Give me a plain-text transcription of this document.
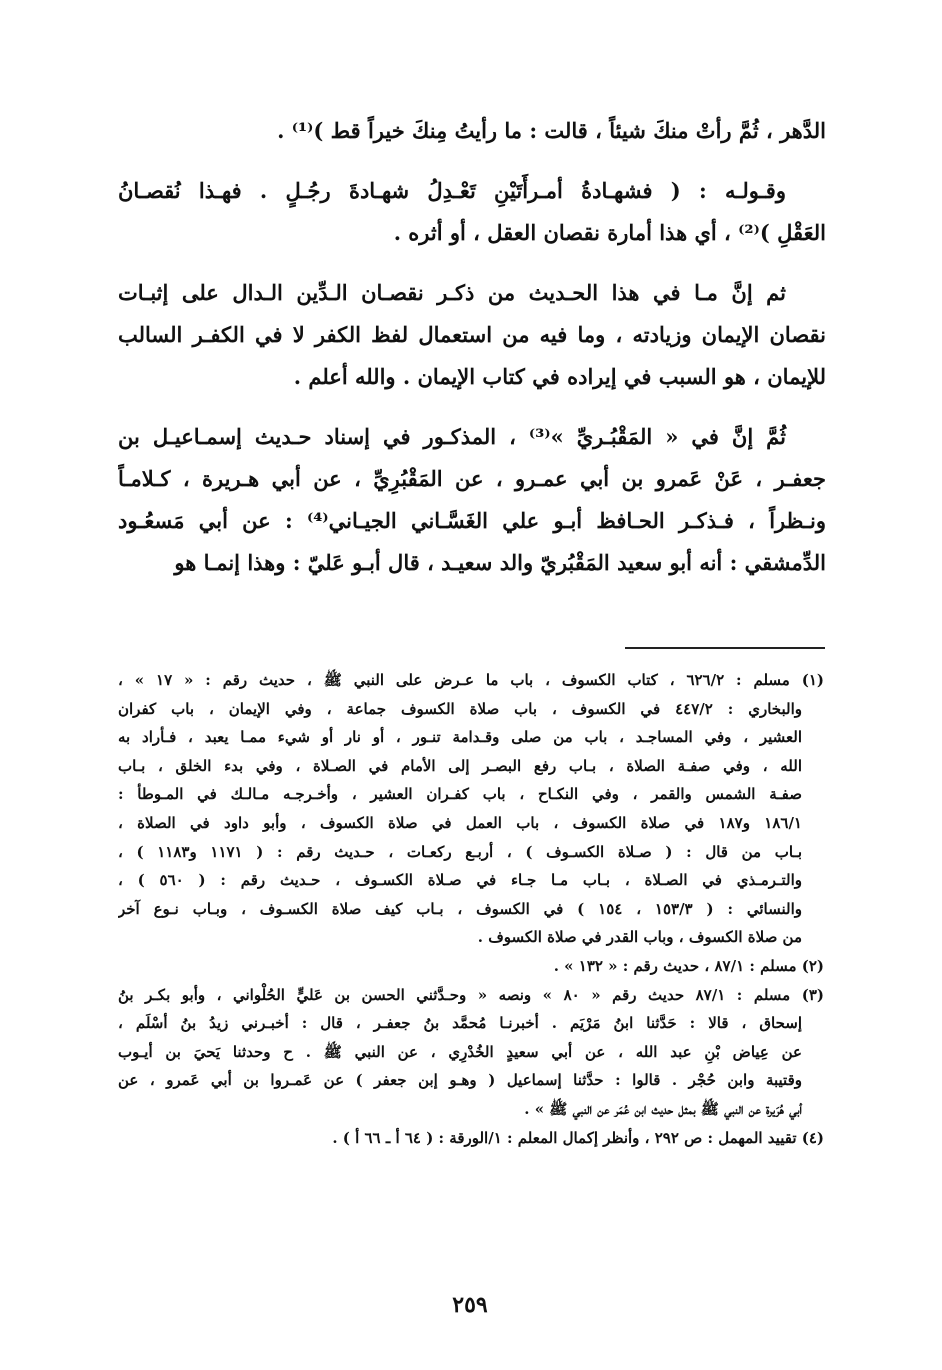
الدَّهر ، ثُمَّ رأتْ منكَ شيئاً ، قالت : ما رأيتُ مِنكَ خيراً قط )⁽¹⁾ .
وقـولـه : ( فشهـادةُ أمـرأَتَيْنِ تَعْـدِلُ شهـادةَ رجُـلٍ . فهـذا نُقصـانُ
العَقْلِ )⁽²⁾ ، أي هذا أمارة نقصان العقل ، أو أثره .
ثم إنَّ مـا في هذا الحـديث من ذكـر نقصـان الـدِّين الـدال على إثبـات
نقصان الإيمان وزيادته ، وما فيه من استعمال لفظ الكفر لا في الكفـر السالب
للإيمان ، هو السبب في إيراده في كتاب الإيمان . والله أعلم .
ثُمَّ إنَّ في « المَقْبُـريِّ »⁽³⁾ ، المذكـور في إسناد حـديث إسمـاعيـل بن
جعفـر ، عَنْ عَمرو بن أبي عمـرو ، عن المَقْبُرِيِّ ، عن أبي هـريرة ، كـلامـاً
ونـظراً ، فـذكـر الحـافظ أبـو علي الغَسَّـاني الجيـاني⁽⁴⁾ : عن أبي مَسعُـود
الدِّمشقي : أنه أبو سعيد المَقْبُريّ والد سعيـد ، قال أبـو عَليّ : وهذا إنمـا هو
(١) مسلم : ٦٢٦/٢ ، كتاب الكسوف ، باب ما عـرض على النبي ﷺ ، حديث رقم : « ١٧ » ،
والبخاري : ٤٤٧/٢ في الكسوف ، باب صلاة الكسوف جماعة ، وفي الإيمان ، باب كفران
العشير ، وفي المساجـد ، باب من صلى وقـدامة تنـور ، أو نار أو شيء ممـا يعبد ، فـأراد به
الله ، وفي صفـة الصلاة ، بـاب رفع البصـر إلى الأمام في الصـلاة ، وفي بدء الخلق ، بـاب
صفـة الشمس والقمر ، وفي النكـاح ، باب كفـران العشير ، وأخـرجـه مـالـك في المـوطأ :
١٨٦/١ و١٨٧ في صلاة الكسوف ، باب العمل في صلاة الكسوف ، وأبو داود في الصلاة ،
بـاب من قال : ( صـلاة الكسـوف ) ، أربـع ركعـات ، حـديث رقم : ( ١١٧١ و١١٨٣ ) ،
والتـرمـذي في الصـلاة ، بـاب مـا جـاء في صـلاة الكسـوف ، حـديث رقم : ( ٥٦٠ ) ،
والنسائي : ( ١٥٣/٣ ، ١٥٤ ) في الكسوف ، بـاب كيف صلاة الكسـوف ، وبـاب نـوع آخر
من صلاة الكسوف ، وباب القدر في صلاة الكسوف .
(٢) مسلم : ٨٧/١ ، حديث رقم : « ١٣٢ » .
(٣) مسلم : ٨٧/١ حديث رقم « ٨٠ » ونصه « وحـدَّثني الحسن بن عَليٍّ الحُلْواني ، وأبو بكـر بنُ
إسحاق ، قالا : حَدَّثنا ابنُ مَرْيَم . أخبرنـا مُحمَّد بنُ جعفـر ، قال : أخبـرني زيدُ بنُ أسْلَم ،
عن عِياض بْنِ عبد الله ، عن أبي سعيدٍ الخُدْرِي ، عن النبي ﷺ . ح وحدثنا يَحيَ بن أيـوب
وقتيبة وابن حُجْر . قالوا : حدَّثنا إسماعيل ( وهـو إبن جعفر ) عن عَمـروا بن أبي عَمرو ، عن
أبي هُرَيرة عن النبي ﷺ بمثل حديث ابن عُمَر عن النبي ﷺ » .
(٤) تقييد المهمل : ص ٢٩٢ ، وأنظر إكمال المعلم : ١/الورقة : ( ٦٤ أ ـ ٦٦ أ ) .
٢٥٩
